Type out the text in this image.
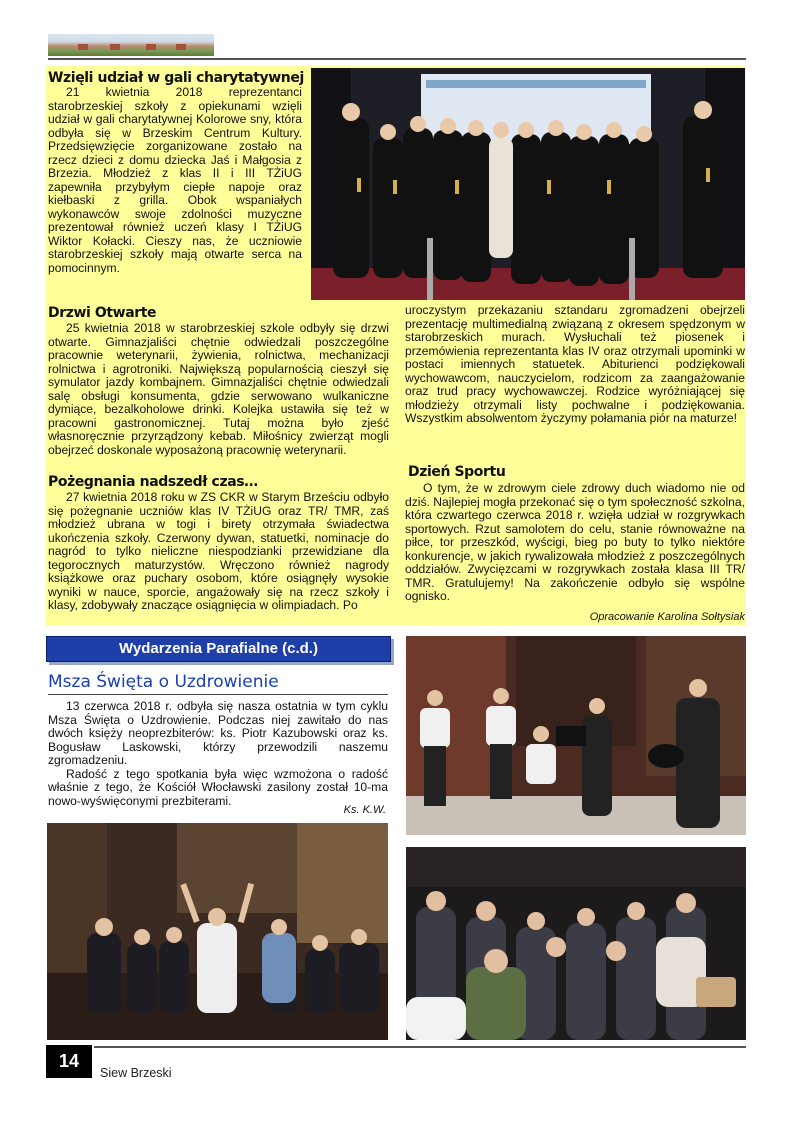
Wzięli udział w gali charytatywnej

21 kwietnia 2018 reprezentanci starobrzeskiej szkoły z opiekunami wzięli udział w gali charytatywnej Kolorowe sny, która odbyła się w Brzeskim Centrum Kultury. Przedsięwzięcie zorganizowane zostało na rzecz dzieci z domu dziecka Jaś i Małgosia z Brzezia. Młodzież z klas II i III TŻiUG zapewniła przybyłym ciepłe napoje oraz kiełbaski z grilla. Obok wspaniałych wykonawców swoje zdolności muzyczne prezentował również uczeń klasy I TŻiUG Wiktor Kołacki. Cieszy nas, że uczniowie starobrzeskiej szkoły mają otwarte serca na pomocinnym.

Drzwi Otwarte

25 kwietnia 2018 w starobrzeskiej szkole odbyły się drzwi otwarte. Gimnazjaliści chętnie odwiedzali poszczególne pracownie weterynarii, żywienia, rolnictwa, mechanizacji rolnictwa i agrotroniki. Największą popularnością cieszył się symulator jazdy kombajnem. Gimnazjaliści chętnie odwiedzali salę obsługi konsumenta, gdzie serwowano wulkaniczne dymiące, bezalkoholowe drinki. Kolejka ustawiła się też w pracowni gastronomicznej. Tutaj można było zjeść własnoręcznie przyrządzony kebab. Miłośnicy zwierząt mogli obejrzeć doskonale wyposażoną pracownię weterynarii.

Pożegnania nadszedł czas…

27 kwietnia 2018 roku w ZS CKR w Starym Brześciu odbyło się pożegnanie uczniów klas IV TŻiUG oraz TR/ TMR, zaś młodzież ubrana w togi i birety otrzymała świadectwa ukończenia szkoły. Czerwony dywan, statuetki, nominacje do nagród to tylko nieliczne niespodzianki przewidziane dla tegorocznych maturzystów. Wręczono również nagrody książkowe oraz puchary osobom, które osiągnęły wysokie wyniki w nauce, sporcie, angażowały się na rzecz szkoły i klasy, zdobywały znaczące osiągnięcia w olimpiadach. Po

uroczystym przekazaniu sztandaru zgromadzeni obejrzeli prezentację multimedialną związaną z okresem spędzonym w starobrzeskich murach. Wysłuchali też piosenek i przemówienia reprezentanta klas IV oraz otrzymali upominki w postaci imiennych statuetek. Abiturienci podziękowali wychowawcom, nauczycielom, rodzicom za zaangażowanie oraz trud pracy wychowawczej. Rodzice wyróżniającej się młodzieży otrzymali listy pochwalne i podziękowania. Wszystkim absolwentom życzymy połamania piór na maturze!

Dzień Sportu

O tym, że w zdrowym ciele zdrowy duch wiadomo nie od dziś. Najlepiej mogła przekonać się o tym społeczność szkolna, która czwartego czerwca 2018 r. wzięła udział w rozgrywkach sportowych. Rzut samolotem do celu, stanie równoważne na piłce, tor przeszkód, wyścigi, bieg po buty to tylko niektóre konkurencje, w jakich rywalizowała młodzież z poszczególnych oddziałów. Zwycięzcami w rozgrywkach została klasa III TR/ TMR. Gratulujemy! Na zakończenie odbyło się wspólne ognisko.

Opracowanie Karolina Sołtysiak
Wydarzenia Parafialne (c.d.)
Msza Święta o Uzdrowienie

13 czerwca 2018 r. odbyła się nasza ostatnia w tym cyklu Msza Święta o Uzdrowienie. Podczas niej zawitało do nas dwóch księży neoprezbiterów: ks. Piotr Kazubowski oraz ks. Bogusław Laskowski, którzy przewodzili naszemu zgromadzeniu.

Radość z tego spotkania była więc wzmożona o radość właśnie z tego, że Kościół Włocławski zasilony został 10-ma nowo-wyświęconymi prezbiterami.

Ks. K.W.
14
Siew Brzeski
